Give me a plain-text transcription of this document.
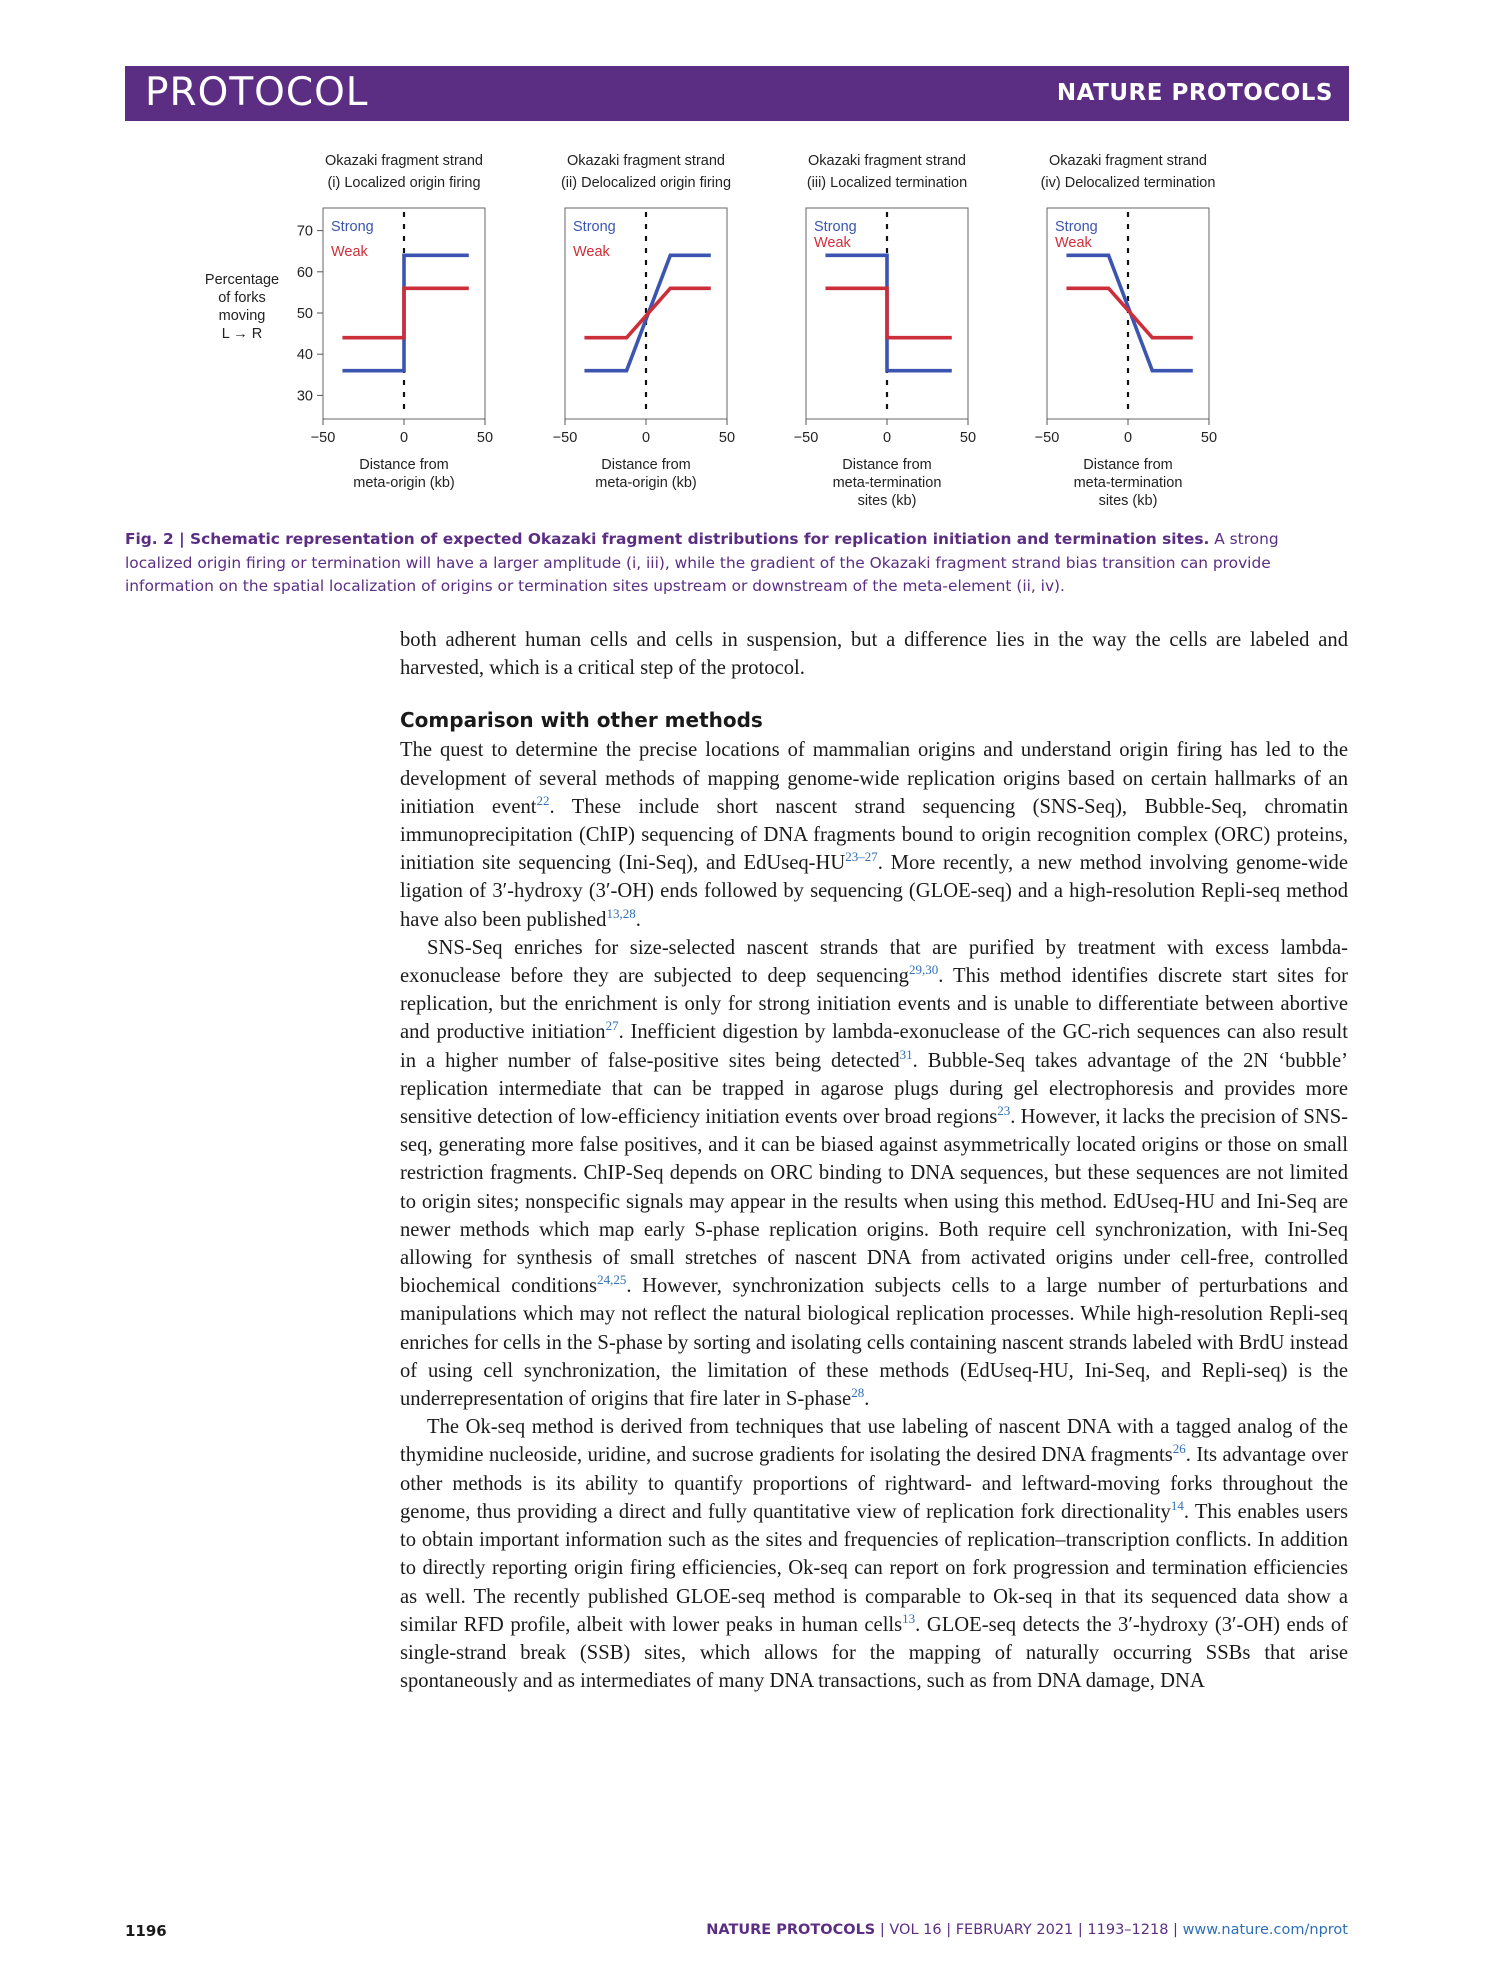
PROTOCOL	NATURE PROTOCOLS
Percentage
of forks
moving
L → R
70
60
50
40
30
Okazaki fragment strand
(i) Localized origin firing
Strong
Weak
−50	0	50
Distance from
meta-origin (kb)
Okazaki fragment strand
(ii) Delocalized origin firing
Strong
Weak
−50	0	50
Distance from
meta-origin (kb)
Okazaki fragment strand
(iii) Localized termination
Strong
Weak
−50	0	50
Distance from
meta-termination
sites (kb)
Okazaki fragment strand
(iv) Delocalized termination
Strong
Weak
−50	0	50
Distance from
meta-termination
sites (kb)
Fig. 2 | Schematic representation of expected Okazaki fragment distributions for replication initiation and termination sites. A strong localized origin firing or termination will have a larger amplitude (i, iii), while the gradient of the Okazaki fragment strand bias transition can provide information on the spatial localization of origins or termination sites upstream or downstream of the meta-element (ii, iv).

both adherent human cells and cells in suspension, but a difference lies in the way the cells are labeled and harvested, which is a critical step of the protocol.

Comparison with other methods

The quest to determine the precise locations of mammalian origins and understand origin firing has led to the development of several methods of mapping genome-wide replication origins based on certain hallmarks of an initiation event$^{22}$. These include short nascent strand sequencing (SNS-Seq), Bubble-Seq, chromatin immunoprecipitation (ChIP) sequencing of DNA fragments bound to origin recognition complex (ORC) proteins, initiation site sequencing (Ini-Seq), and EdUseq-HU$^{23-27}$. More recently, a new method involving genome-wide ligation of 3′-hydroxy (3′-OH) ends followed by sequencing (GLOE-seq) and a high-resolution Repli-seq method have also been published$^{13,28}$.

SNS-Seq enriches for size-selected nascent strands that are purified by treatment with excess lambda-exonuclease before they are subjected to deep sequencing$^{29,30}$. This method identifies discrete start sites for replication, but the enrichment is only for strong initiation events and is unable to differentiate between abortive and productive initiation$^{27}$. Inefficient digestion by lambda-exonuclease of the GC-rich sequences can also result in a higher number of false-positive sites being detected$^{31}$. Bubble-Seq takes advantage of the 2N ‘bubble’ replication intermediate that can be trapped in agarose plugs during gel electrophoresis and provides more sensitive detection of low-efficiency initiation events over broad regions$^{23}$. However, it lacks the precision of SNS-seq, generating more false positives, and it can be biased against asymmetrically located origins or those on small restriction fragments. ChIP-Seq depends on ORC binding to DNA sequences, but these sequences are not limited to origin sites; nonspecific signals may appear in the results when using this method. EdUseq-HU and Ini-Seq are newer methods which map early S-phase replication origins. Both require cell synchronization, with Ini-Seq allowing for synthesis of small stretches of nascent DNA from activated origins under cell-free, controlled biochemical conditions$^{24,25}$. However, synchronization subjects cells to a large number of perturbations and manipulations which may not reflect the natural biological replication processes. While high-resolution Repli-seq enriches for cells in the S-phase by sorting and isolating cells containing nascent strands labeled with BrdU instead of using cell synchronization, the limitation of these methods (EdUseq-HU, Ini-Seq, and Repli-seq) is the underrepresentation of origins that fire later in S-phase$^{28}$.

The Ok-seq method is derived from techniques that use labeling of nascent DNA with a tagged analog of the thymidine nucleoside, uridine, and sucrose gradients for isolating the desired DNA fragments$^{26}$. Its advantage over other methods is its ability to quantify proportions of rightward- and leftward-moving forks throughout the genome, thus providing a direct and fully quantitative view of replication fork directionality$^{14}$. This enables users to obtain important information such as the sites and frequencies of replication–transcription conflicts. In addition to directly reporting origin firing efficiencies, Ok-seq can report on fork progression and termination efficiencies as well. The recently published GLOE-seq method is comparable to Ok-seq in that its sequenced data show a similar RFD profile, albeit with lower peaks in human cells$^{13}$. GLOE-seq detects the 3′-hydroxy (3′-OH) ends of single-strand break (SSB) sites, which allows for the mapping of naturally occurring SSBs that arise spontaneously and as intermediates of many DNA transactions, such as from DNA damage, DNA

1196	NATURE PROTOCOLS | VOL 16 | FEBRUARY 2021 | 1193–1218 | www.nature.com/nprot
